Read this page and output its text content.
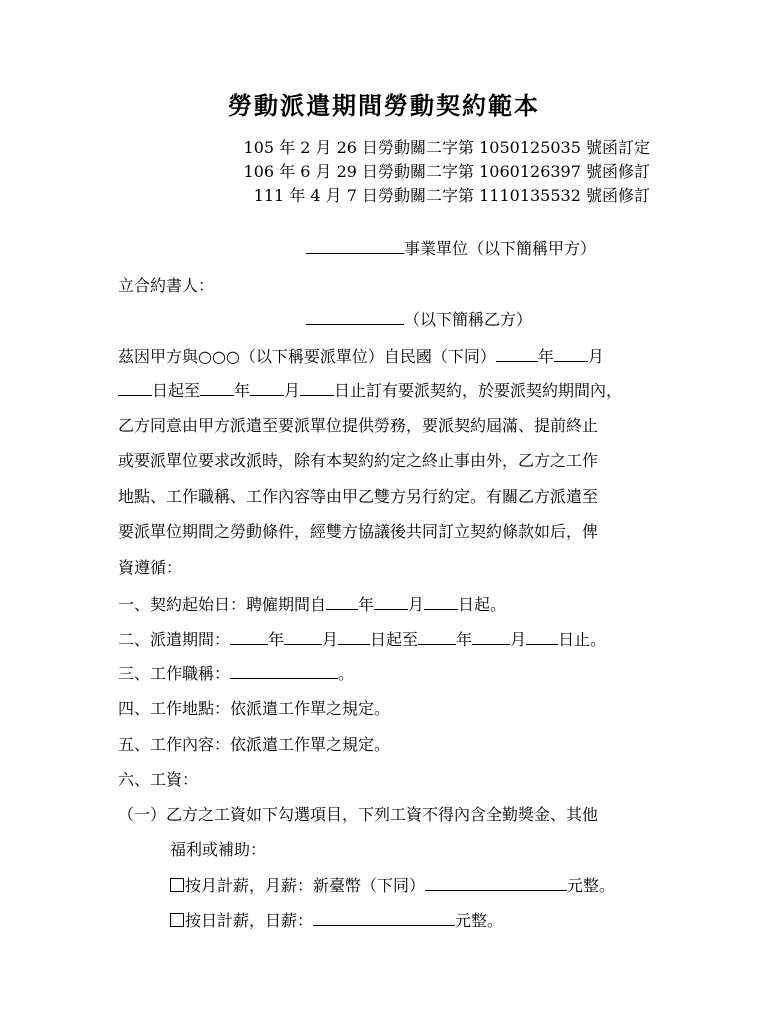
勞動派遣期間勞動契約範本
105 年 2 月 26 日勞動關二字第 1050125035 號函訂定
106 年 6 月 29 日勞動關二字第 1060126397 號函修訂
111 年 4 月 7 日勞動關二字第 1110135532 號函修訂
事業單位（以下簡稱甲方）
立合約書人：
（以下簡稱乙方）
茲因甲方與○○○（以下稱要派單位）自民國（下同）	年 月
日起至 年 月 日止訂有要派契約，於要派契約期間內，
乙方同意由甲方派遣至要派單位提供勞務，要派契約屆滿、提前終止
或要派單位要求改派時，除有本契約約定之終止事由外，乙方之工作
地點、工作職稱、工作內容等由甲乙雙方另行約定。有關乙方派遣至
要派單位期間之勞動條件，經雙方協議後共同訂立契約條款如后，俾
資遵循：
一、契約起始日：聘僱期間自 年 月 日起。
二、派遣期間： 年 月 日起至 年 月 日止。
三、工作職稱：	。
四、工作地點：依派遣工作單之規定。
五、工作內容：依派遣工作單之規定。
六、工資：
（一）乙方之工資如下勾選項目，下列工資不得內含全勤獎金、其他
福利或補助：
按月計薪，月薪：新臺幣（下同）	元整。
按日計薪，日薪：	元整。
